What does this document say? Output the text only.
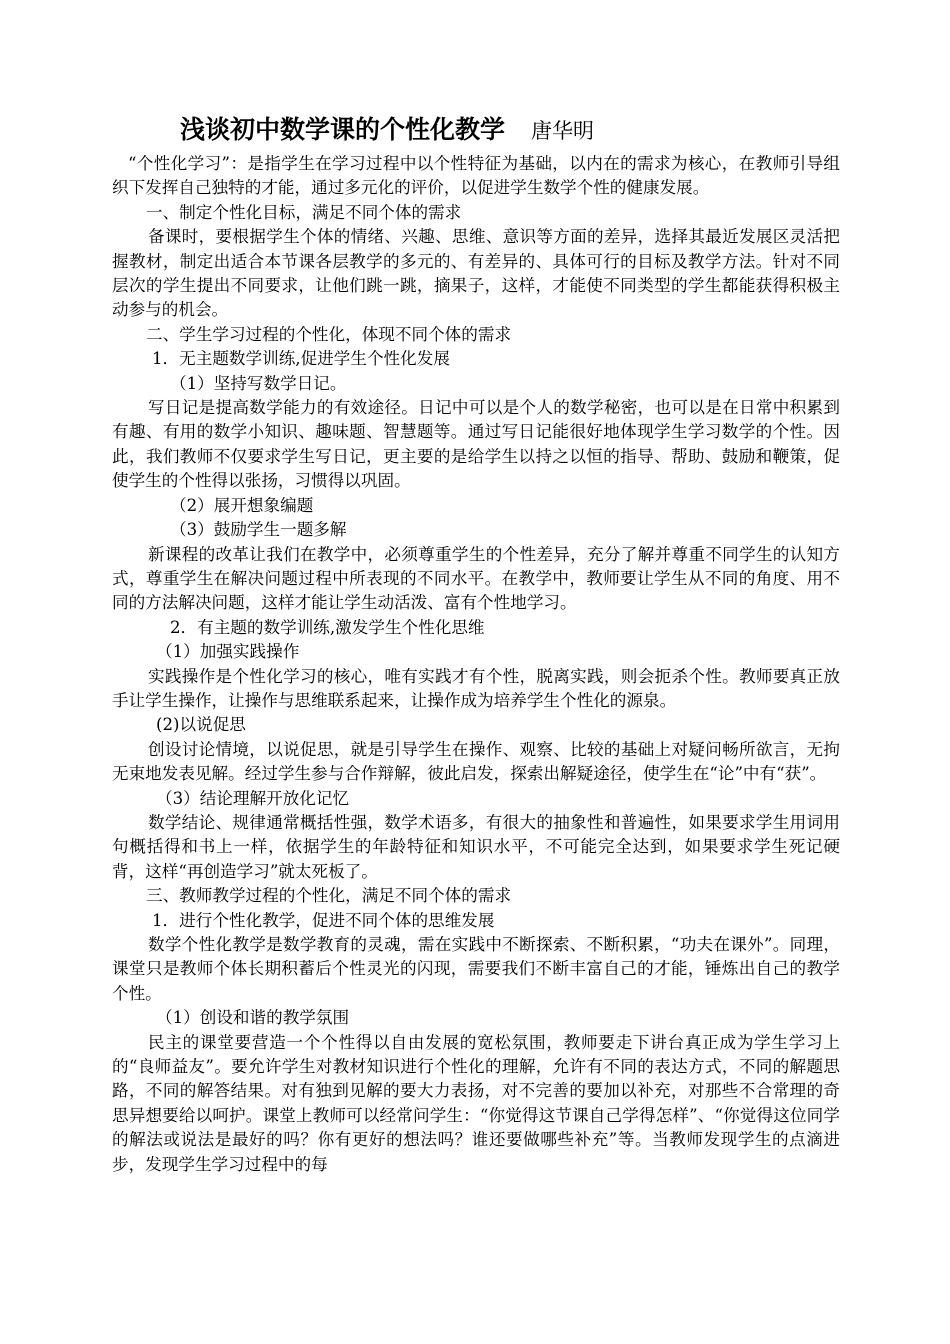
浅谈初中数学课的个性化教学 唐华明

“个性化学习”：是指学生在学习过程中以个性特征为基础，以内在的需求为核心，在教师引导组织下发挥自己独特的才能，通过多元化的评价，以促进学生数学个性的健康发展。

一、制定个性化目标，满足不同个体的需求

备课时，要根据学生个体的情绪、兴趣、思维、意识等方面的差异，选择其最近发展区灵活把握教材，制定出适合本节课各层教学的多元的、有差异的、具体可行的目标及教学方法。针对不同层次的学生提出不同要求，让他们跳一跳，摘果子，这样，才能使不同类型的学生都能获得积极主动参与的机会。

二、学生学习过程的个性化，体现不同个体的需求

1．无主题数学训练,促进学生个性化发展

（1）坚持写数学日记。

写日记是提高数学能力的有效途径。日记中可以是个人的数学秘密，也可以是在日常中积累到有趣、有用的数学小知识、趣味题、智慧题等。通过写日记能很好地体现学生学习数学的个性。因此，我们教师不仅要求学生写日记，更主要的是给学生以持之以恒的指导、帮助、鼓励和鞭策，促使学生的个性得以张扬，习惯得以巩固。

（2）展开想象编题

（3）鼓励学生一题多解

新课程的改革让我们在教学中，必须尊重学生的个性差异，充分了解并尊重不同学生的认知方式，尊重学生在解决问题过程中所表现的不同水平。在教学中，教师要让学生从不同的角度、用不同的方法解决问题，这样才能让学生动活泼、富有个性地学习。

2．有主题的数学训练,激发学生个性化思维

（1）加强实践操作

实践操作是个性化学习的核心，唯有实践才有个性，脱离实践，则会扼杀个性。教师要真正放手让学生操作，让操作与思维联系起来，让操作成为培养学生个性化的源泉。

(2)以说促思

创设讨论情境，以说促思，就是引导学生在操作、观察、比较的基础上对疑问畅所欲言，无拘无束地发表见解。经过学生参与合作辩解，彼此启发，探索出解疑途径，使学生在“论”中有“获”。

（3）结论理解开放化记忆

数学结论、规律通常概括性强，数学术语多，有很大的抽象性和普遍性，如果要求学生用词用句概括得和书上一样，依据学生的年龄特征和知识水平，不可能完全达到，如果要求学生死记硬背，这样“再创造学习”就太死板了。

三、教师教学过程的个性化，满足不同个体的需求

1．进行个性化教学，促进不同个体的思维发展

数学个性化教学是数学教育的灵魂，需在实践中不断探索、不断积累，“功夫在课外”。同理，课堂只是教师个体长期积蓄后个性灵光的闪现，需要我们不断丰富自己的才能，锤炼出自己的教学个性。

（1）创设和谐的教学氛围

民主的课堂要营造一个个性得以自由发展的宽松氛围，教师要走下讲台真正成为学生学习上的“良师益友”。要允许学生对教材知识进行个性化的理解，允许有不同的表达方式，不同的解题思路，不同的解答结果。对有独到见解的要大力表扬，对不完善的要加以补充，对那些不合常理的奇思异想要给以呵护。课堂上教师可以经常问学生：“你觉得这节课自己学得怎样”、“你觉得这位同学的解法或说法是最好的吗？你有更好的想法吗？谁还要做哪些补充”等。当教师发现学生的点滴进步，发现学生学习过程中的每
